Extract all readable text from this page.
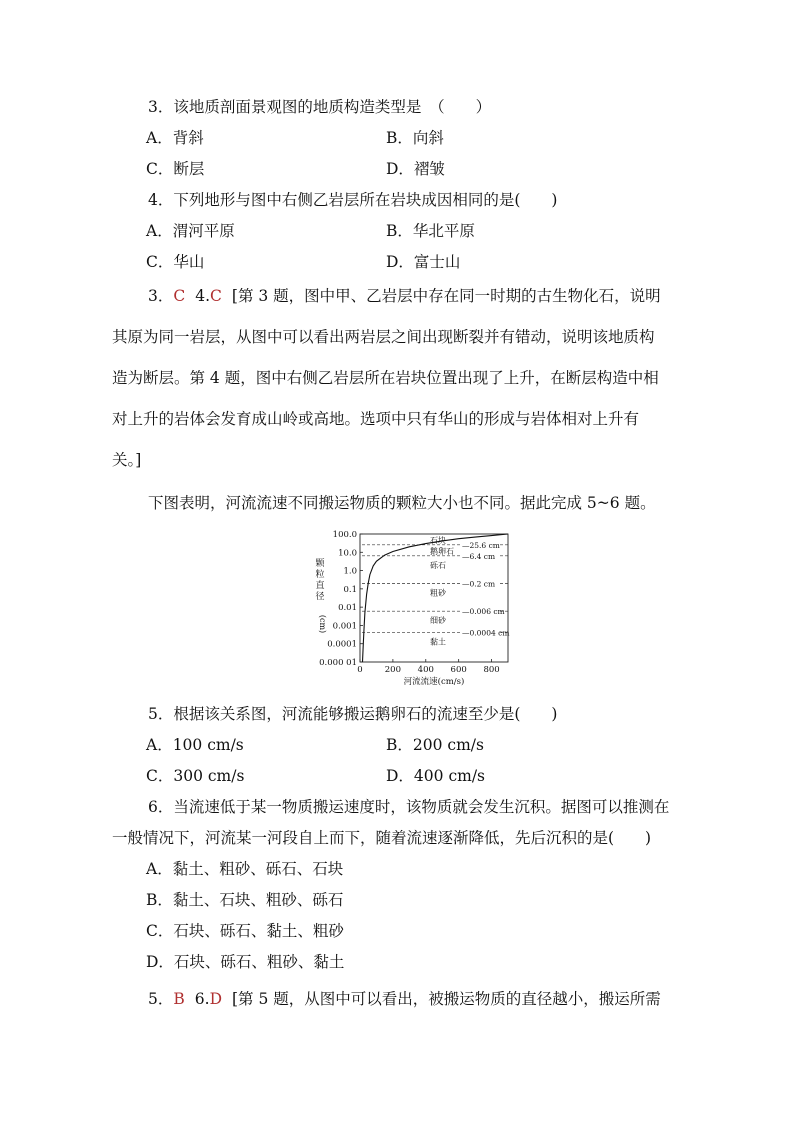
3．该地质剖面景观图的地质构造类型是　（　　）
A．背斜	B．向斜
C．断层	D．褶皱
4．下列地形与图中右侧乙岩层所在岩块成因相同的是(　　)
A．渭河平原	B．华北平原
C．华山	D．富士山
3．C 4.C [第 3 题，图中甲、乙岩层中存在同一时期的古生物化石，说明
其原为同一岩层，从图中可以看出两岩层之间出现断裂并有错动，说明该地质构
造为断层。第 4 题，图中右侧乙岩层所在岩块位置出现了上升，在断层构造中相
对上升的岩体会发育成山岭或高地。选项中只有华山的形成与岩体相对上升有
关。]
下图表明，河流流速不同搬运物质的颗粒大小也不同。据此完成 5~6 题。
100.0
10.0
1.0
0.1
0.01
0.001
0.0001
0.000 01
0	200 400 600 800
河流流速(cm/s)
颗
粒
直
径
(cm)
—25.6 cm
石块
—6.4 cm
鹅卵石
砾石
—0.2 cm
粗砂
—0.006 cm
细砂
—0.0004 cm
黏土
5．根据该关系图，河流能够搬运鹅卵石的流速至少是(　　)
A．100 cm/s	B．200 cm/s
C．300 cm/s	D．400 cm/s
6．当流速低于某一物质搬运速度时，该物质就会发生沉积。据图可以推测在
一般情况下，河流某一河段自上而下，随着流速逐渐降低，先后沉积的是(　　)
A．黏土、粗砂、砾石、石块
B．黏土、石块、粗砂、砾石
C．石块、砾石、黏土、粗砂
D．石块、砾石、粗砂、黏土
5．B 6.D [第 5 题，从图中可以看出，被搬运物质的直径越小，搬运所需
